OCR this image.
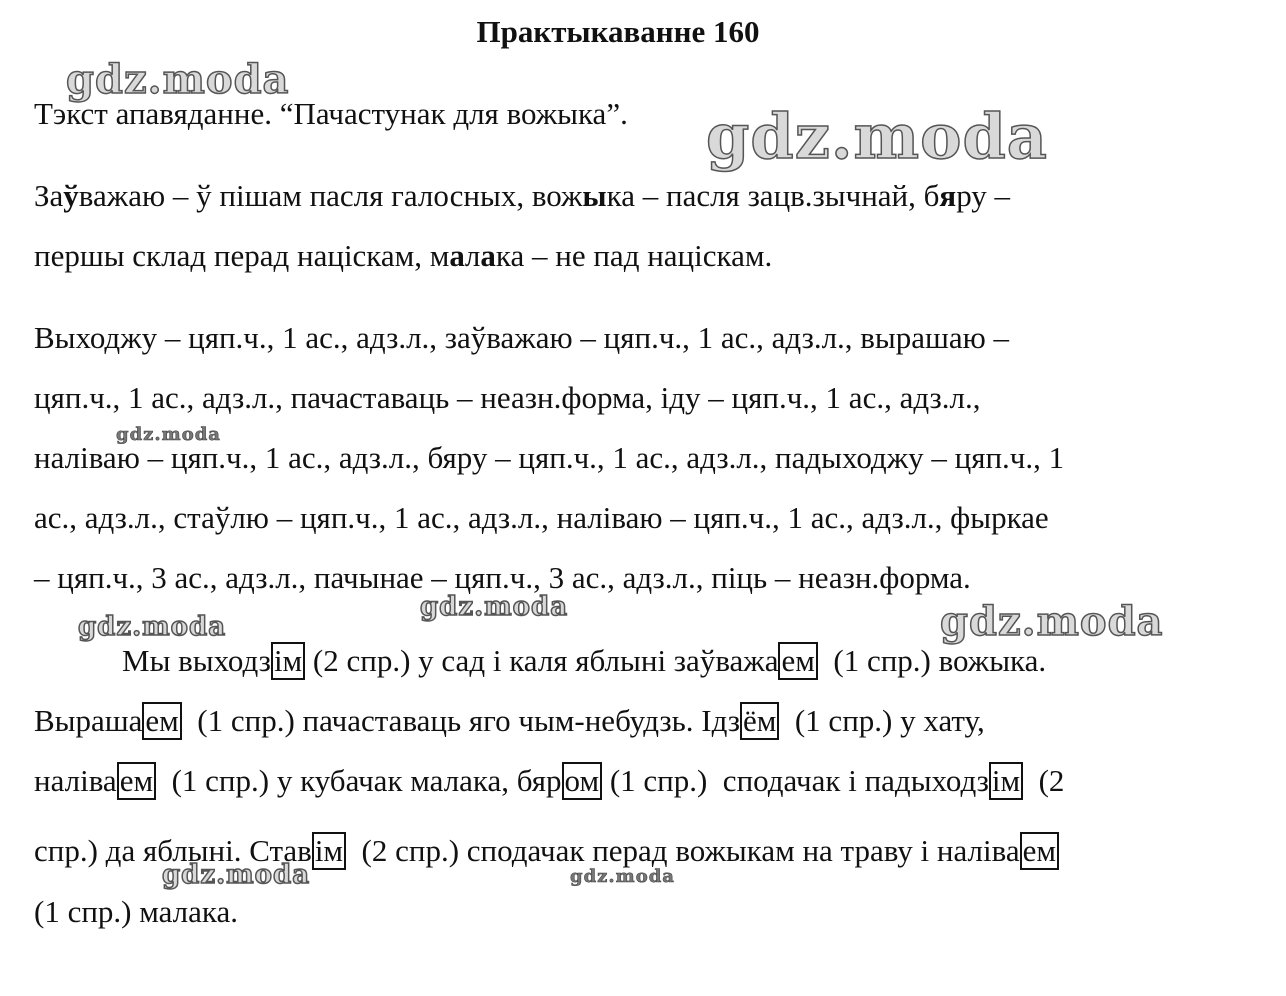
gdz.moda
gdz.moda
gdz.moda
gdz.moda
gdz.moda	gdz.moda
gdz.moda	gdz.moda
Практыкаванне 160
Тэкст апавяданне. “Пачастунак для вожыка”.
Заўважаю – ў пішам пасля галосных, вожыка – пасля зацв.зычнай, бяру –
першы склад перад націскам, малака – не пад націскам.
Выходжу – цяп.ч., 1 ас., адз.л., заўважаю – цяп.ч., 1 ас., адз.л., вырашаю –
цяп.ч., 1 ас., адз.л., пачаставаць – неазн.форма, іду – цяп.ч., 1 ас., адз.л.,
наліваю – цяп.ч., 1 ас., адз.л., бяру – цяп.ч., 1 ас., адз.л., падыходжу – цяп.ч., 1
ас., адз.л., стаўлю – цяп.ч., 1 ас., адз.л., наліваю – цяп.ч., 1 ас., адз.л., фыркае
– цяп.ч., 3 ас., адз.л., пачынае – цяп.ч., 3 ас., адз.л., піць – неазн.форма.
Мы выходзім (2 спр.) у сад і каля яблыні заўважаем  (1 спр.) вожыка.
Вырашаем  (1 спр.) пачаставаць яго чым-небудзь. Ідзём  (1 спр.) у хату,
наліваем  (1 спр.) у кубачак малака, бяром (1 спр.)  сподачак і падыходзім  (2
спр.) да яблыні. Ставім  (2 спр.) сподачак перад вожыкам на траву і наліваем
(1 спр.) малака.
